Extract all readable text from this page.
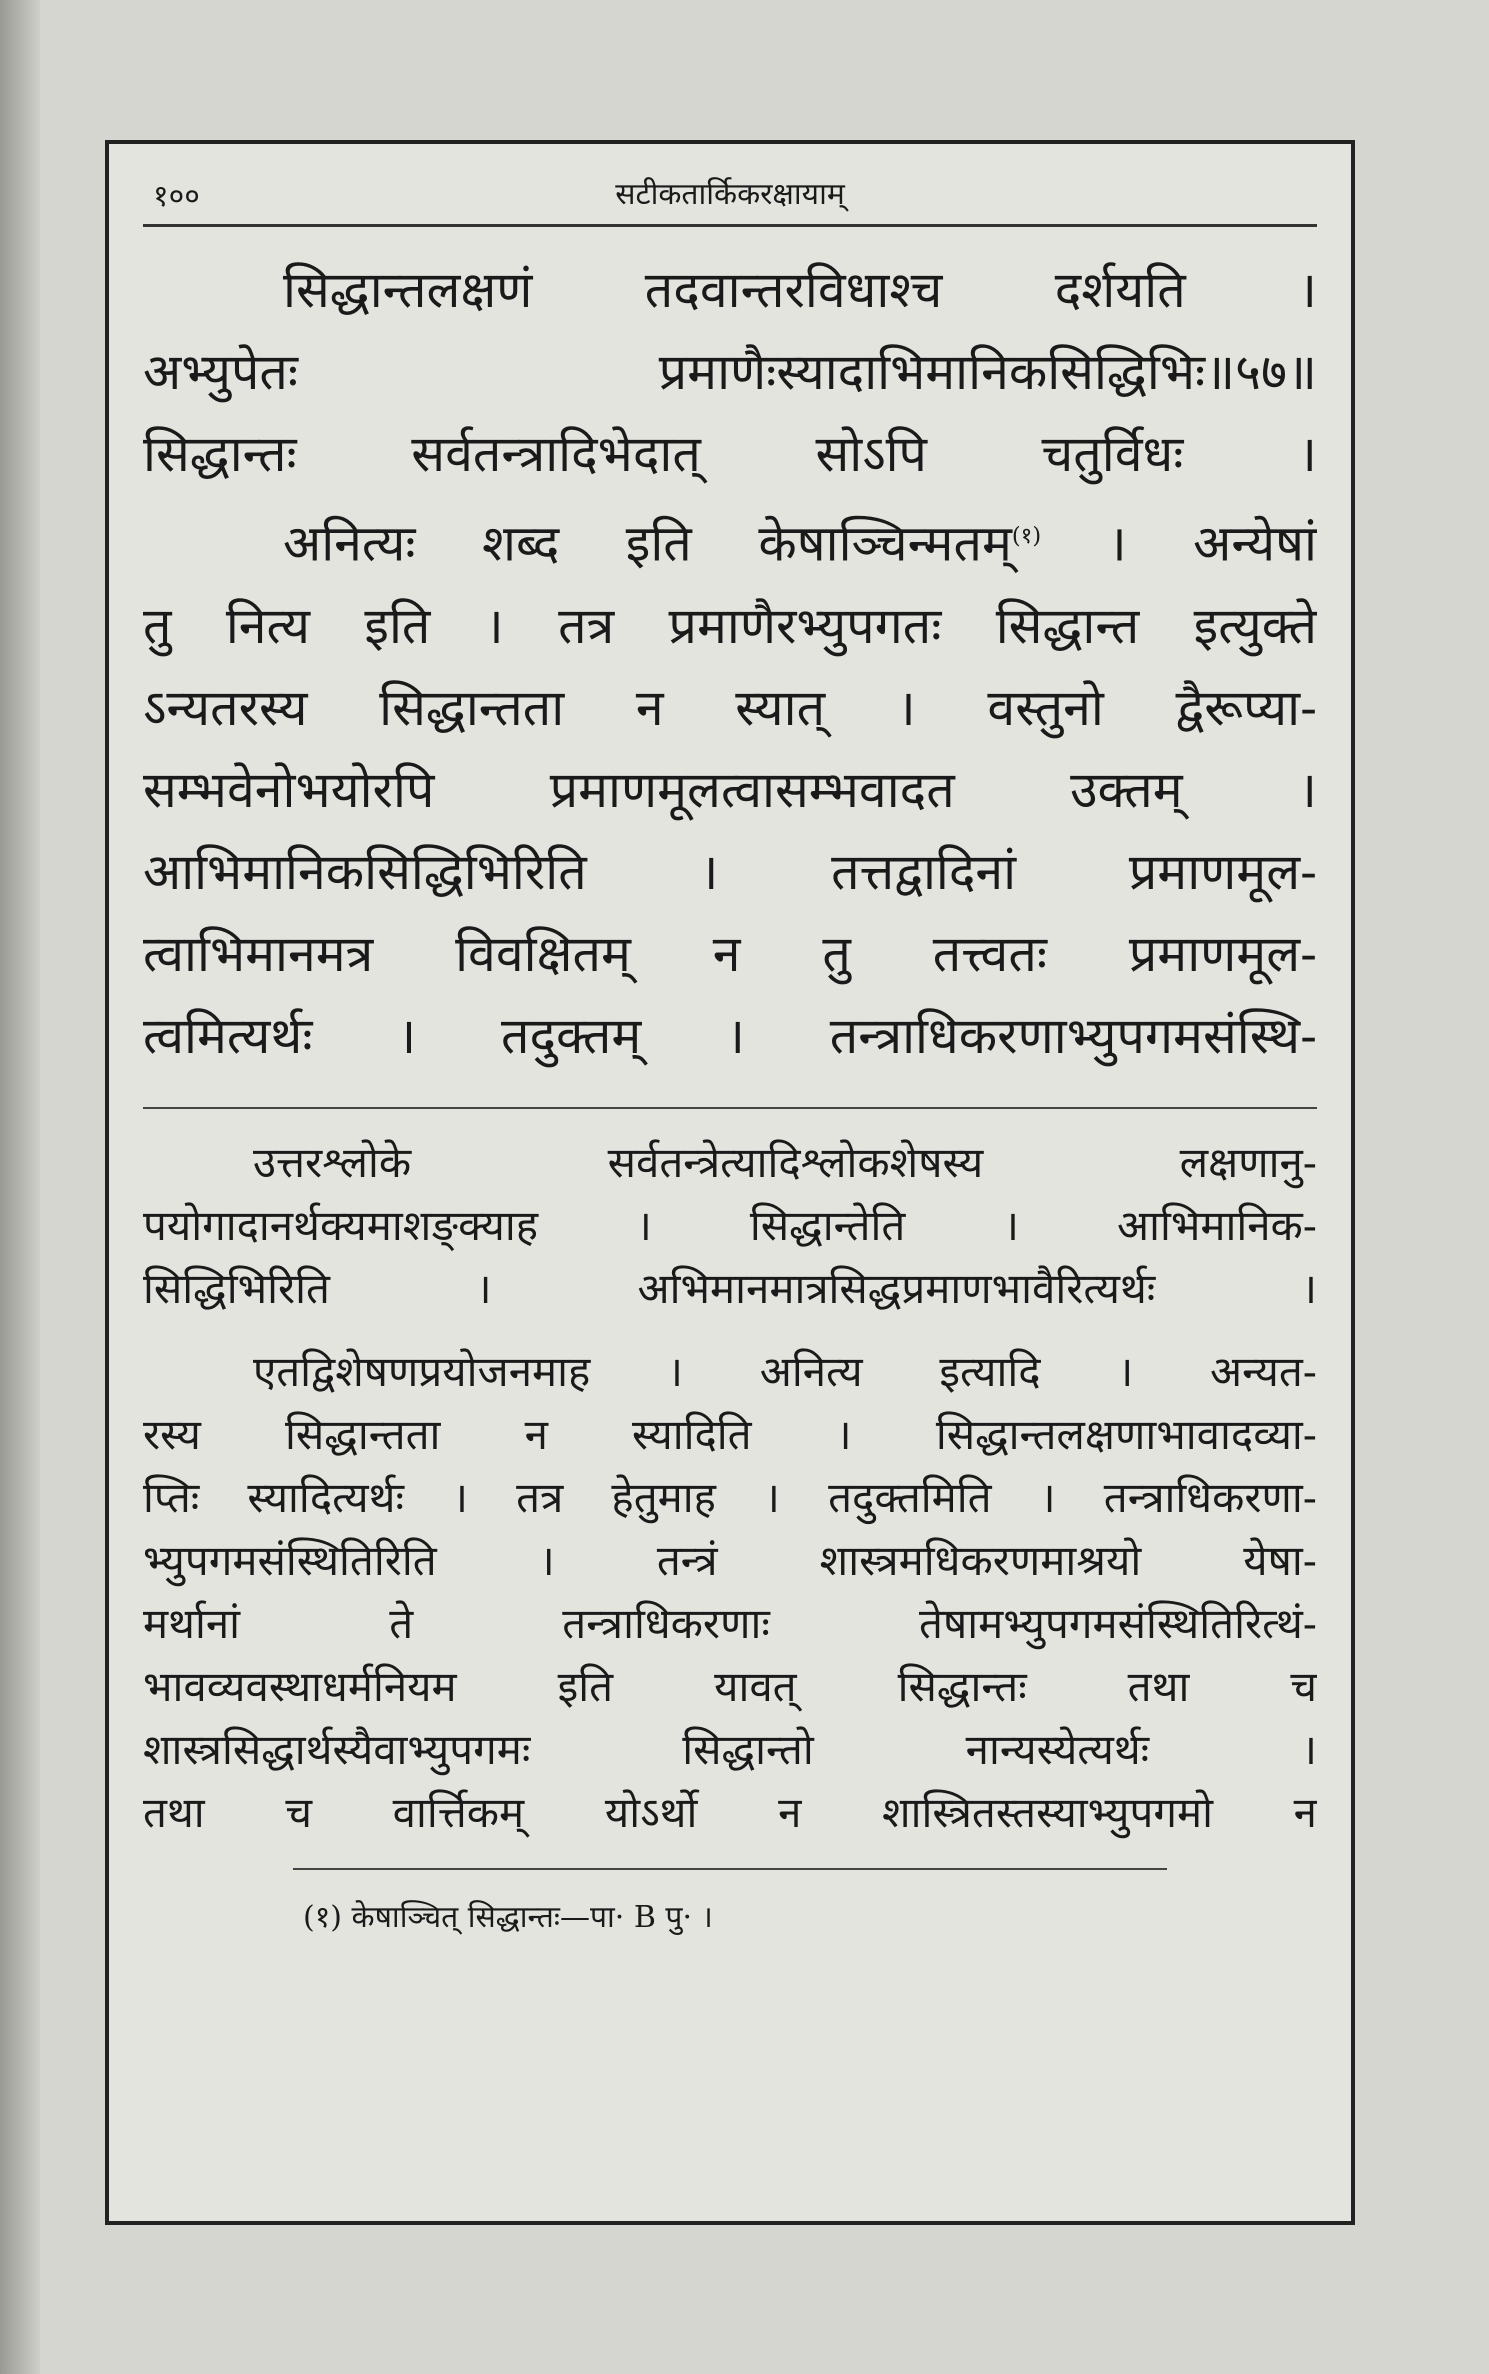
१००	सटीकतार्किकरक्षायाम्
सिद्धान्तलक्षणं तदवान्तरविधाश्च दर्शयति ।
अभ्युपेतः प्रमाणैःस्यादाभिमानिकसिद्धिभिः॥५७॥
सिद्धान्तः सर्वतन्त्रादिभेदात् सोऽपि चतुर्विधः ।
अनित्यः शब्द इति केषाञ्चिन्मतम्$^{(१)}$ । अन्येषां
तु नित्य इति । तत्र प्रमाणैरभ्युपगतः सिद्धान्त इत्युक्ते
ऽन्यतरस्य सिद्धान्तता न स्यात् । वस्तुनो द्वैरूप्या-
सम्भवेनोभयोरपि प्रमाणमूलत्वासम्भवादत उक्तम् ।
आभिमानिकसिद्धिभिरिति । तत्तद्वादिनां प्रमाणमूल-
त्वाभिमानमत्र विवक्षितम् न तु तत्त्वतः प्रमाणमूल-
त्वमित्यर्थः । तदुक्तम् । तन्त्राधिकरणाभ्युपगमसंस्थि-
उत्तरश्लोके सर्वतन्त्रेत्यादिश्लोकशेषस्य लक्षणानु-
पयोगादानर्थक्यमाशङ्क्याह । सिद्धान्तेति । आभिमानिक-
सिद्धिभिरिति । अभिमानमात्रसिद्धप्रमाणभावैरित्यर्थः ।
एतद्विशेषणप्रयोजनमाह । अनित्य इत्यादि । अन्यत-
रस्य सिद्धान्तता न स्यादिति । सिद्धान्तलक्षणाभावादव्या-
प्तिः स्यादित्यर्थः । तत्र हेतुमाह । तदुक्तमिति । तन्त्राधिकरणा-
भ्युपगमसंस्थितिरिति । तन्त्रं शास्त्रमधिकरणमाश्रयो येषा-
मर्थानां ते तन्त्राधिकरणाः तेषामभ्युपगमसंस्थितिरित्थं-
भावव्यवस्थाधर्मनियम इति यावत् सिद्धान्तः तथा च
शास्त्रसिद्धार्थस्यैवाभ्युपगमः सिद्धान्तो नान्यस्येत्यर्थः ।
तथा च वार्त्तिकम् योऽर्थो न शास्त्रितस्तस्याभ्युपगमो न
(१) केषाञ्चित् सिद्धान्तः—पा· B पु· ।
